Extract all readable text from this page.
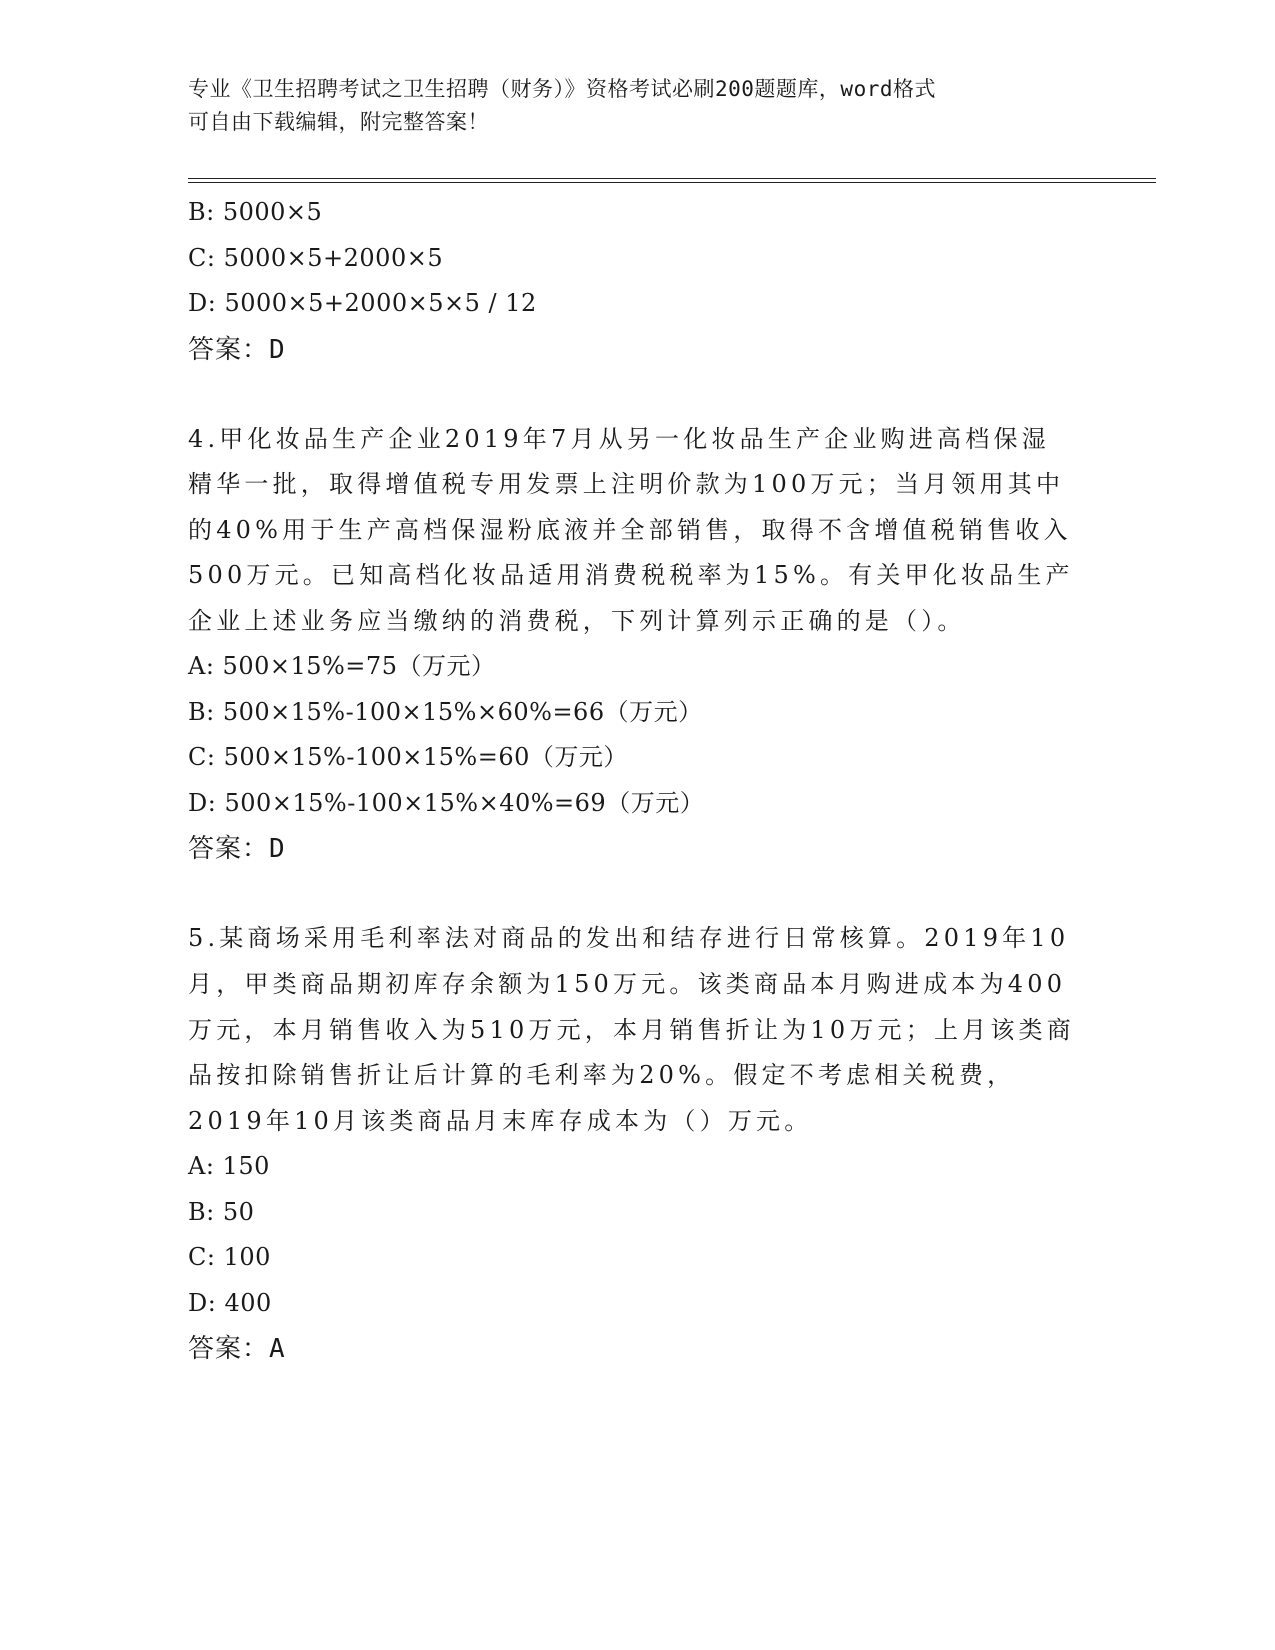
专业《卫生招聘考试之卫生招聘（财务）》资格考试必刷200题题库，word格式
可自由下载编辑，附完整答案！
B: 5000×5
C: 5000×5+2000×5
D: 5000×5+2000×5×5 / 12
答案：D
4.甲化妆品生产企业2019年7月从另一化妆品生产企业购进高档保湿精华一批，取得增值税专用发票上注明价款为100万元；当月领用其中的40%用于生产高档保湿粉底液并全部销售，取得不含增值税销售收入500万元。已知高档化妆品适用消费税税率为15%。有关甲化妆品生产企业上述业务应当缴纳的消费税，下列计算列示正确的是（）。
A: 500×15%=75（万元）
B: 500×15%-100×15%×60%=66（万元）
C: 500×15%-100×15%=60（万元）
D: 500×15%-100×15%×40%=69（万元）
答案：D
5.某商场采用毛利率法对商品的发出和结存进行日常核算。2019年10月，甲类商品期初库存余额为150万元。该类商品本月购进成本为400万元，本月销售收入为510万元，本月销售折让为10万元；上月该类商品按扣除销售折让后计算的毛利率为20%。假定不考虑相关税费，2019年10月该类商品月末库存成本为（）万元。
A: 150
B: 50
C: 100
D: 400
答案：A
